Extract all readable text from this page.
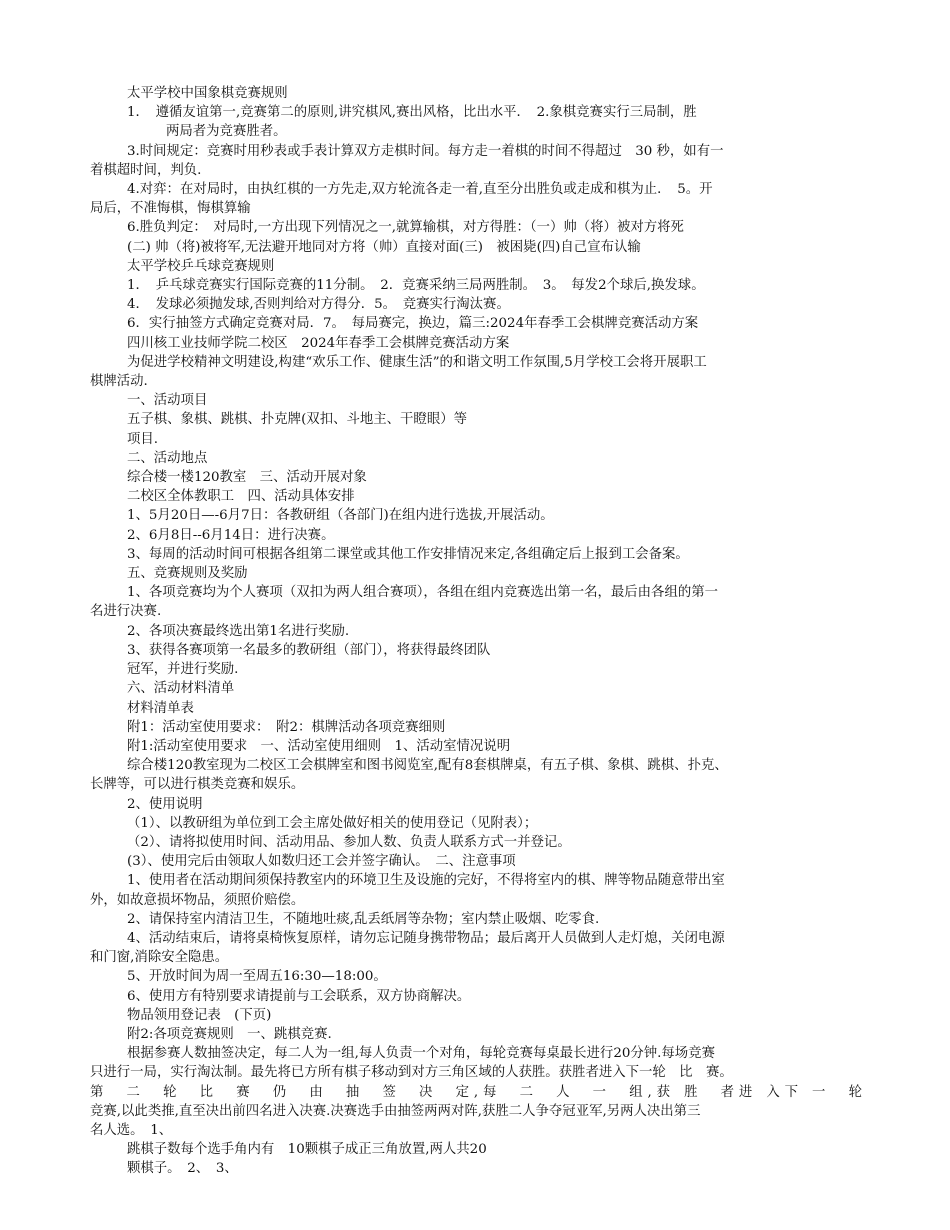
太平学校中国象棋竞赛规则
1．　遵循友谊第一,竞赛第二的原则,讲究棋风,赛出风格，比出水平．　2.象棋竞赛实行三局制，胜
两局者为竞赛胜者。
3.时间规定：竞赛时用秒表或手表计算双方走棋时间。每方走一着棋的时间不得超过　30 秒，如有一
着棋超时间，判负.
4.对弈：在对局时，由执红棋的一方先走,双方轮流各走一着,直至分出胜负或走成和棋为止．　5。开
局后，不准悔棋，悔棋算输
6.胜负判定：　对局时,一方出现下列情况之一,就算输棋，对方得胜：（一）帅（将）被对方将死
(二) 帅（将)被将军,无法避开地同对方将（帅）直接对面(三)　被困毙(四)自己宣布认输
太平学校乒乓球竞赛规则
1．　乒乓球竞赛实行国际竞赛的11分制。　2．竞赛采纳三局两胜制。　3。　每发2个球后,换发球。
4．　发球必须抛发球,否则判给对方得分．5。　竞赛实行淘汰赛。
6．实行抽签方式确定竞赛对局．7。　每局赛完，换边，篇三:2024年春季工会棋牌竞赛活动方案
四川核工业技师学院二校区　2024年春季工会棋牌竞赛活动方案
为促进学校精神文明建设,构建“欢乐工作、健康生活”的和谐文明工作氛围,5月学校工会将开展职工
棋牌活动.
一、活动项目
五子棋、象棋、跳棋、扑克牌(双扣、斗地主、干瞪眼）等
项目.
二、活动地点
综合楼一楼120教室　三、活动开展对象
二校区全体教职工　四、活动具体安排
1、5月20日—-6月7日：各教研组（各部门)在组内进行选拔,开展活动。
2、6月8日--6月14日：进行决赛。
3、每周的活动时间可根据各组第二课堂或其他工作安排情况来定,各组确定后上报到工会备案。
五、竞赛规则及奖励
1、各项竞赛均为个人赛项（双扣为两人组合赛项），各组在组内竞赛选出第一名，最后由各组的第一
名进行决赛.
2、各项决赛最终选出第1名进行奖励.
3、获得各赛项第一名最多的教研组（部门），将获得最终团队
冠军，并进行奖励.
六、活动材料清单
材料清单表
附1：活动室使用要求：　附2：棋牌活动各项竞赛细则
附1:活动室使用要求　一、活动室使用细则　1、活动室情况说明
综合楼120教室现为二校区工会棋牌室和图书阅览室,配有8套棋牌桌，有五子棋、象棋、跳棋、扑克、
长牌等，可以进行棋类竞赛和娱乐。
2、使用说明
（1）、以教研组为单位到工会主席处做好相关的使用登记（见附表）；
（2）、请将拟使用时间、活动用品、参加人数、负责人联系方式一并登记。
(3）、使用完后由领取人如数归还工会并签字确认。　二、注意事项
1、使用者在活动期间须保持教室内的环境卫生及设施的完好，不得将室内的棋、牌等物品随意带出室
外，如故意损坏物品，须照价赔偿。
2、请保持室内清洁卫生，不随地吐痰,乱丢纸屑等杂物；室内禁止吸烟、吃零食.
4、活动结束后，请将桌椅恢复原样，请勿忘记随身携带物品；最后离开人员做到人走灯熄，关闭电源
和门窗,消除安全隐患。
5、开放时间为周一至周五16:30—18:00。
6、使用方有特别要求请提前与工会联系，双方协商解决。
物品领用登记表　(下页)
附2:各项竞赛规则　一、跳棋竞赛.
根据参赛人数抽签决定，每二人为一组,每人负责一个对角，每轮竞赛每桌最长进行20分钟.每场竞赛
只进行一局，实行淘汰制。最先将已方所有棋子移动到对方三角区域的人获胜。获胜者进入下一轮　比　赛。
第　二　轮　比　赛　仍　由　抽　签　决　定,每　二　人　一　组,获 胜　者进 入下 一　轮
竞赛,以此类推,直至决出前四名进入决赛.决赛选手由抽签两两对阵,获胜二人争夺冠亚军,另两人决出第三
名人选。　1、
跳棋子数每个选手角内有　10颗棋子成正三角放置,两人共20
颗棋子。　2、　3、
